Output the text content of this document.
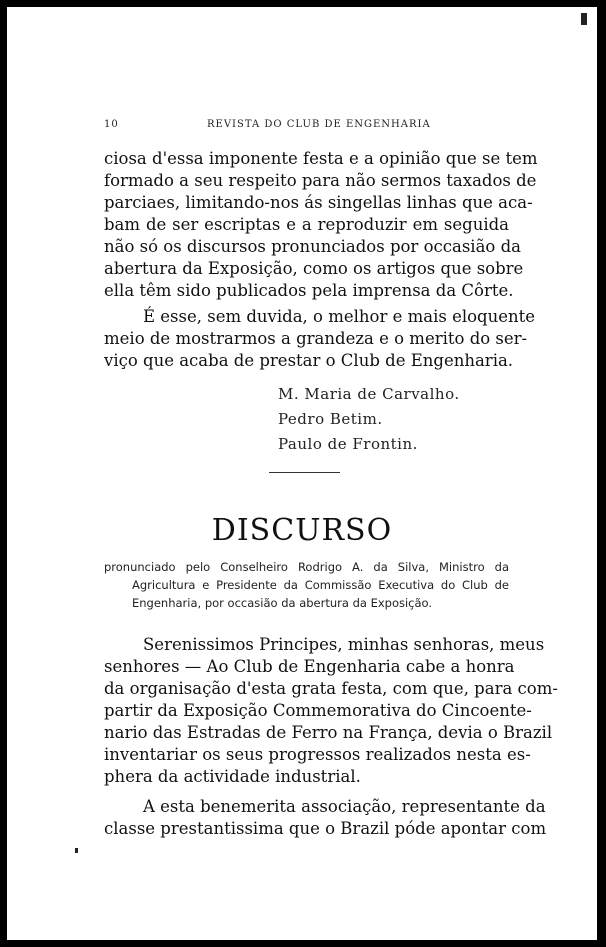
10	REVISTA DO CLUB DE ENGENHARIA
ciosa d'essa imponente festa e a opinião que se tem
formado a seu respeito para não sermos taxados de
parciaes, limitando-nos ás singellas linhas que aca-
bam de ser escriptas e a reproduzir em seguida
não só os discursos pronunciados por occasião da
abertura da Exposição, como os artigos que sobre
ella têm sido publicados pela imprensa da Côrte.
É esse, sem duvida, o melhor e mais eloquente
meio de mostrarmos a grandeza e o merito do ser-
viço que acaba de prestar o Club de Engenharia.
M. Maria de Carvalho.
Pedro Betim.
Paulo de Frontin.
DISCURSO
pronunciado pelo Conselheiro Rodrigo A. da Silva, Ministro da
Agricultura e Presidente da Commissão Executiva do Club de
Engenharia, por occasião da abertura da Exposição.
Serenissimos Principes, minhas senhoras, meus
senhores — Ao Club de Engenharia cabe a honra
da organisação d'esta grata festa, com que, para com-
partir da Exposição Commemorativa do Cincoente-
nario das Estradas de Ferro na França, devia o Brazil
inventariar os seus progressos realizados nesta es-
phera da actividade industrial.
A esta benemerita associação, representante da
classe prestantissima que o Brazil póde apontar com
